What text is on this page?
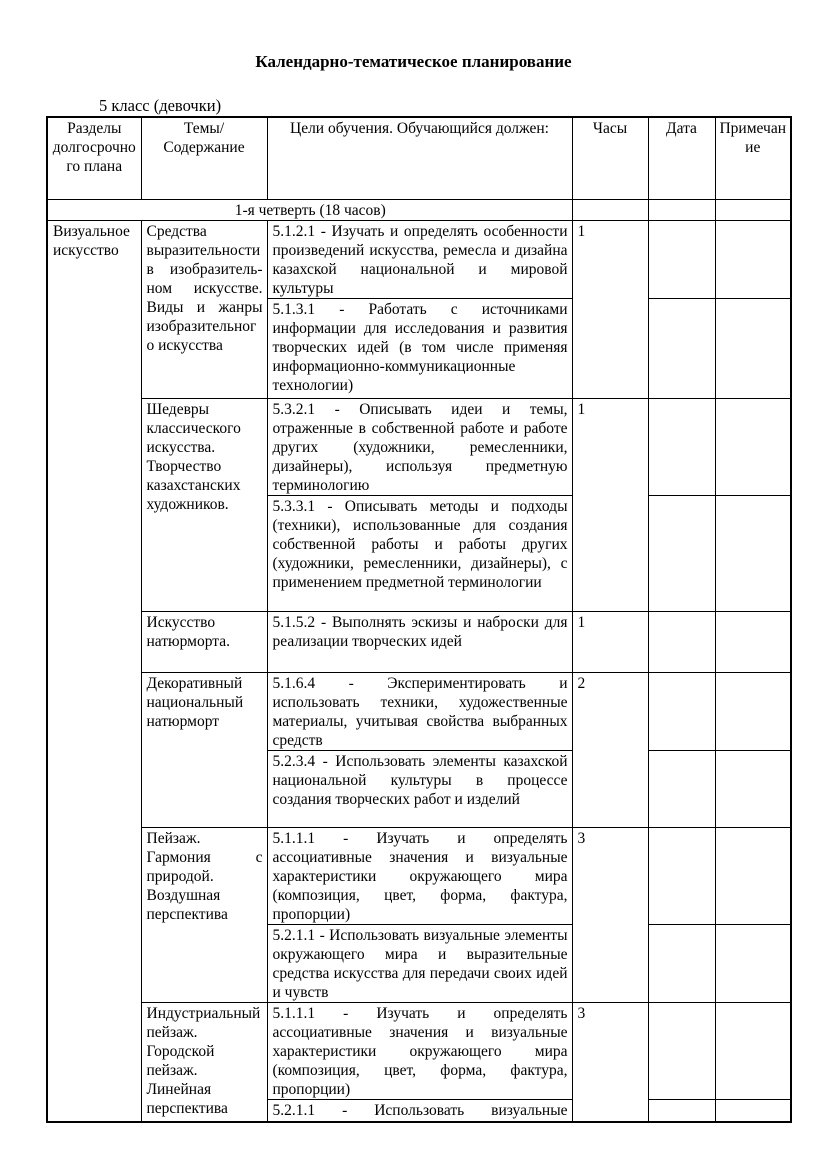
Календарно-тематическое планирование
5 класс (девочки)
Разделы долгосрочного плана	Темы/ Содержание	Цели обучения. Обучающийся должен:	Часы	Дата	Примечание
1-я четверть (18 часов)					
Визуальное искусство	Средства выразительности в изобразитель-ном искусстве. Виды и жанры изобразительного искусства	5.1.2.1 - Изучать и определять особенности произведений искусства, ремесла и дизайна казахской национальной и мировой культуры	1		
		5.1.3.1 - Работать с источниками информации для исследования и развития творческих идей (в том числе применяя информационно-коммуникационные технологии)			
	Шедевры классического искусства. Творчество казахстанских художников.	5.3.2.1 - Описывать идеи и темы, отраженные в собственной работе и работе других (художники, ремесленники, дизайнеры), используя предметную терминологию	1		
		5.3.3.1 - Описывать методы и подходы (техники), использованные для создания собственной работы и работы других (художники, ремесленники, дизайнеры), с применением предметной терминологии			
	Искусство натюрморта.	5.1.5.2 - Выполнять эскизы и наброски для реализации творческих идей	1		
	Декоративный национальный натюрморт	5.1.6.4 - Экспериментировать и использовать техники, художественные материалы, учитывая свойства выбранных средств	2		
		5.2.3.4 - Использовать элементы казахской национальной культуры в процессе создания творческих работ и изделий			
	Пейзаж. Гармония с природой. Воздушная перспектива	5.1.1.1 - Изучать и определять ассоциативные значения и визуальные характеристики окружающего мира (композиция, цвет, форма, фактура, пропорции)	3		
		5.2.1.1 - Использовать визуальные элементы окружающего мира и выразительные средства искусства для передачи своих идей и чувств			
	Индустриальный пейзаж. Городской пейзаж. Линейная перспектива	5.1.1.1 - Изучать и определять ассоциативные значения и визуальные характеристики окружающего мира (композиция, цвет, форма, фактура, пропорции)	3		
		5.2.1.1 - Использовать визуальные			
